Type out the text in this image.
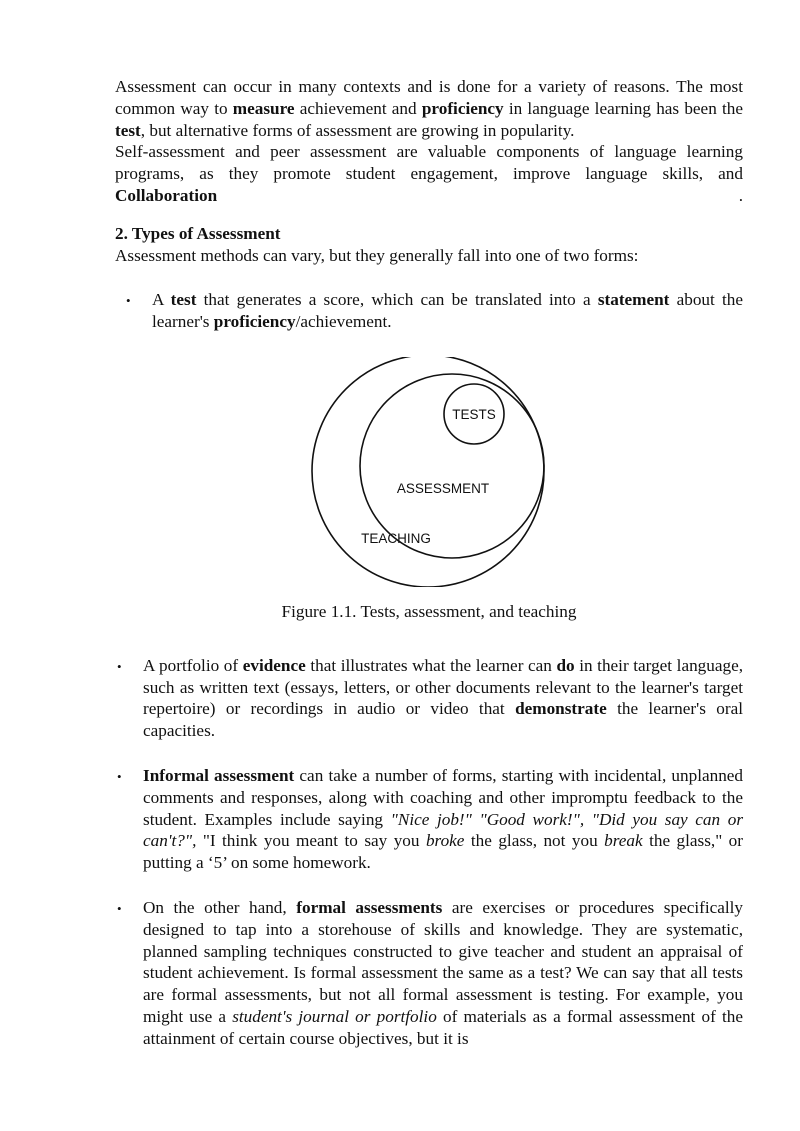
Assessment can occur in many contexts and is done for a variety of reasons. The most common way to measure achievement and proficiency in language learning has been the test, but alternative forms of assessment are growing in popularity.

Self-assessment and peer assessment are valuable components of language learning programs, as they promote student engagement, improve language skills, and Collaboration .

2. Types of Assessment
Assessment methods can vary, but they generally fall into one of two forms:
• A test that generates a score, which can be translated into a statement about the learner's proficiency/achievement.
TESTS
ASSESSMENT
TEACHING
Figure 1.1. Tests, assessment, and teaching
• A portfolio of evidence that illustrates what the learner can do in their target language, such as written text (essays, letters, or other documents relevant to the learner's target repertoire) or recordings in audio or video that demonstrate the learner's oral capacities.
• Informal assessment can take a number of forms, starting with incidental, unplanned comments and responses, along with coaching and other impromptu feedback to the student. Examples include saying "Nice job!" "Good work!", "Did you say can or can't?", "I think you meant to say you broke the glass, not you break the glass," or putting a ‘5’ on some homework.
• On the other hand, formal assessments are exercises or procedures specifically designed to tap into a storehouse of skills and knowledge. They are systematic, planned sampling techniques constructed to give teacher and student an appraisal of student achievement. Is formal assessment the same as a test? We can say that all tests are formal assessments, but not all formal assessment is testing. For example, you might use a student's journal or portfolio of materials as a formal assessment of the attainment of certain course objectives, but it is
